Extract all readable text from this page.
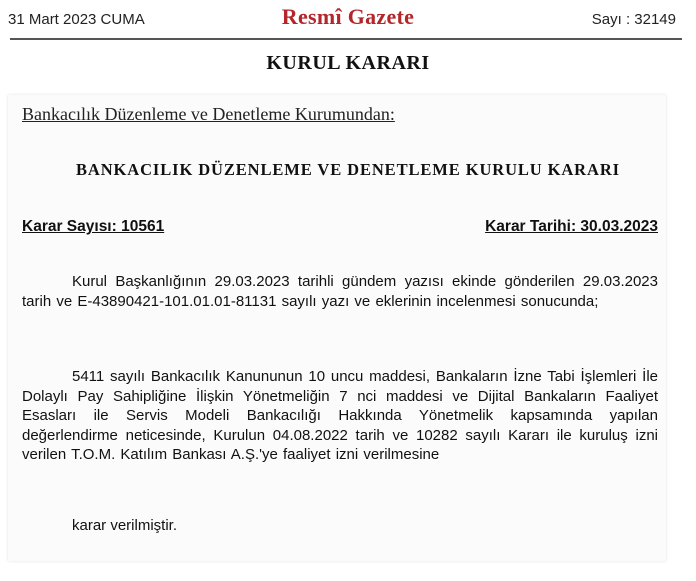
31 Mart 2023 CUMA	Resmî Gazete	Sayı : 32149
KURUL KARARI
Bankacılık Düzenleme ve Denetleme Kurumundan:
BANKACILIK DÜZENLEME VE DENETLEME KURULU KARARI
Karar Sayısı: 10561	Karar Tarihi: 30.03.2023
Kurul Başkanlığının 29.03.2023 tarihli gündem yazısı ekinde gönderilen 29.03.2023 tarih ve E-43890421-101.01.01-81131 sayılı yazı ve eklerinin incelenmesi sonucunda;
5411 sayılı Bankacılık Kanununun 10 uncu maddesi, Bankaların İzne Tabi İşlemleri İle Dolaylı Pay Sahipliğine İlişkin Yönetmeliğin 7 nci maddesi ve Dijital Bankaların Faaliyet Esasları ile Servis Modeli Bankacılığı Hakkında Yönetmelik kapsamında yapılan değerlendirme neticesinde, Kurulun 04.08.2022 tarih ve 10282 sayılı Kararı ile kuruluş izni verilen T.O.M. Katılım Bankası A.Ş.'ye faaliyet izni verilmesine
karar verilmiştir.
